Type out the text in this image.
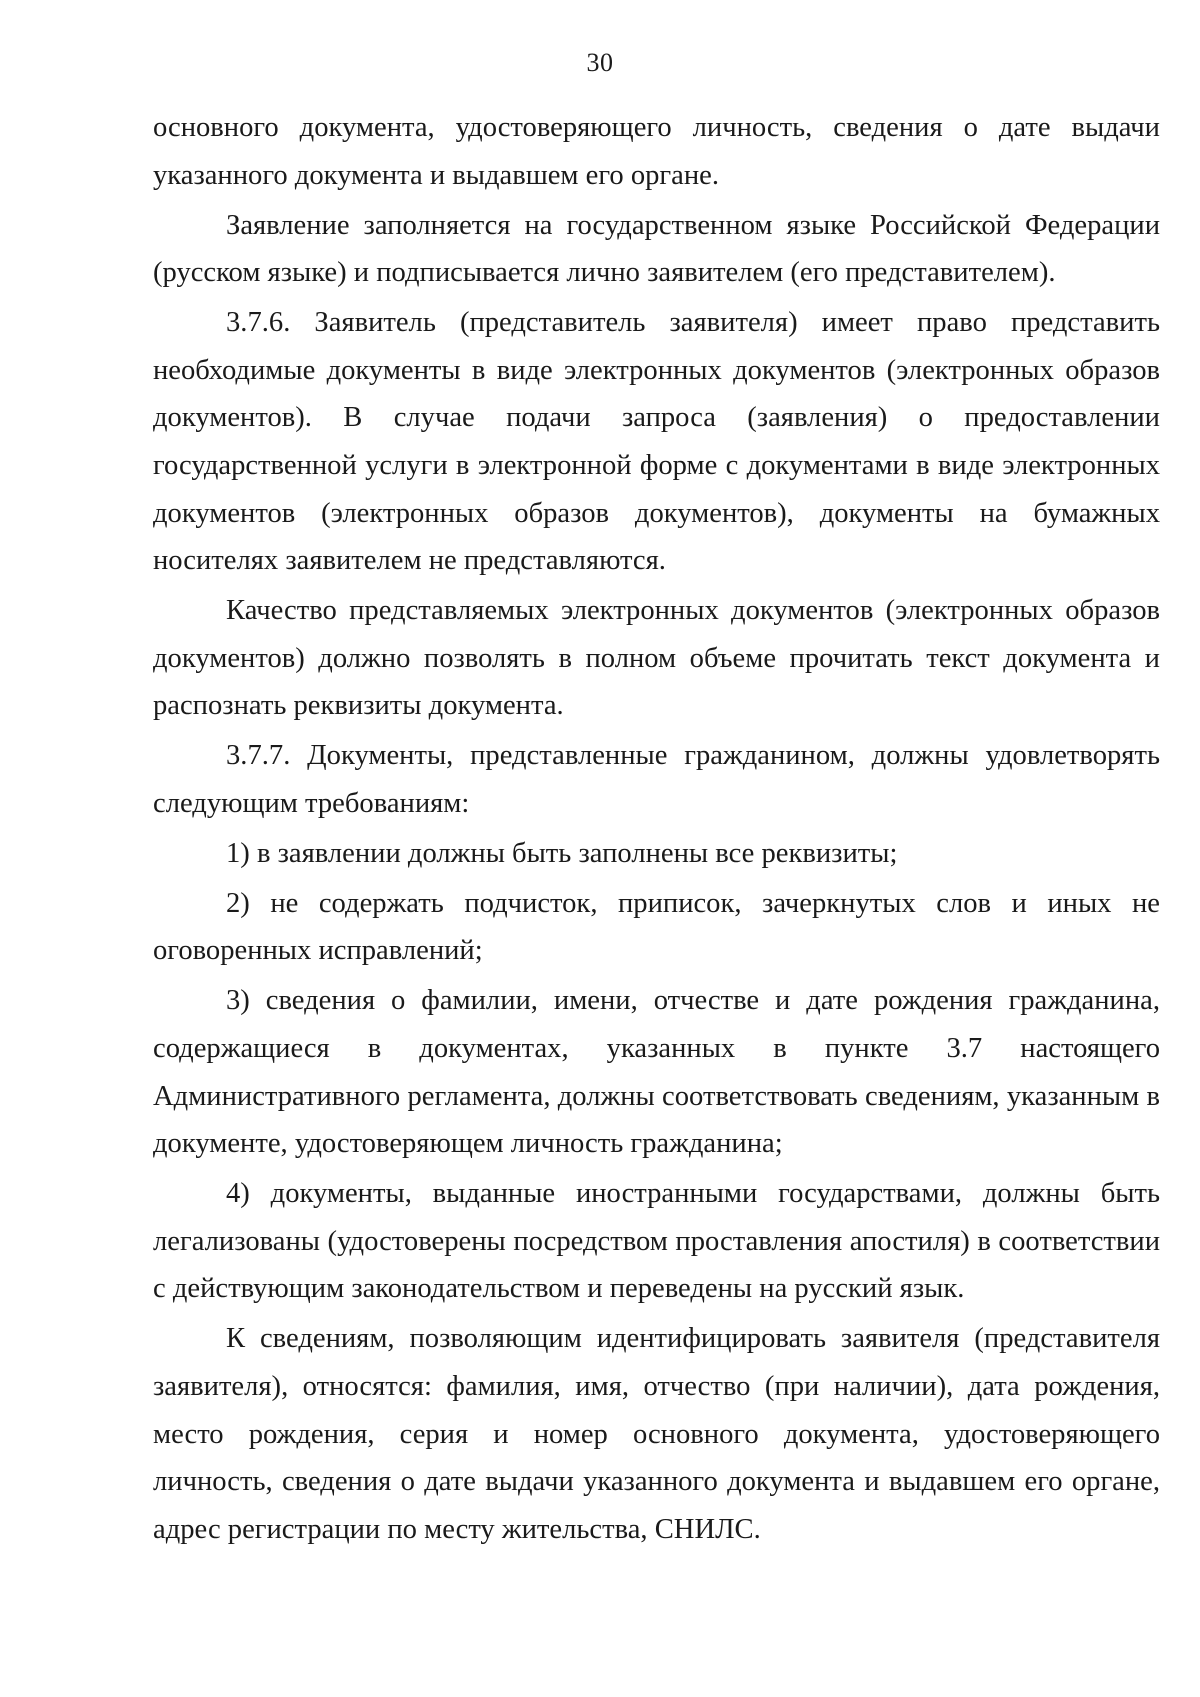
30

основного документа, удостоверяющего личность, сведения о дате выдачи указанного документа и выдавшем его органе.

Заявление заполняется на государственном языке Российской Федерации (русском языке) и подписывается лично заявителем (его представителем).

3.7.6. Заявитель (представитель заявителя) имеет право представить необходимые документы в виде электронных документов (электронных образов документов). В случае подачи запроса (заявления) о предоставлении государственной услуги в электронной форме с документами в виде электронных документов (электронных образов документов), документы на бумажных носителях заявителем не представляются.

Качество представляемых электронных документов (электронных образов документов) должно позволять в полном объеме прочитать текст документа и распознать реквизиты документа.

3.7.7. Документы, представленные гражданином, должны удовлетворять следующим требованиям:

1) в заявлении должны быть заполнены все реквизиты;

2) не содержать подчисток, приписок, зачеркнутых слов и иных не оговоренных исправлений;

3) сведения о фамилии, имени, отчестве и дате рождения гражданина, содержащиеся в документах, указанных в пункте 3.7 настоящего Административного регламента, должны соответствовать сведениям, указанным в документе, удостоверяющем личность гражданина;

4) документы, выданные иностранными государствами, должны быть легализованы (удостоверены посредством проставления апостиля) в соответствии с действующим законодательством и переведены на русский язык.

К сведениям, позволяющим идентифицировать заявителя (представителя заявителя), относятся: фамилия, имя, отчество (при наличии), дата рождения, место рождения, серия и номер основного документа, удостоверяющего личность, сведения о дате выдачи указанного документа и выдавшем его органе, адрес регистрации по месту жительства, СНИЛС.
